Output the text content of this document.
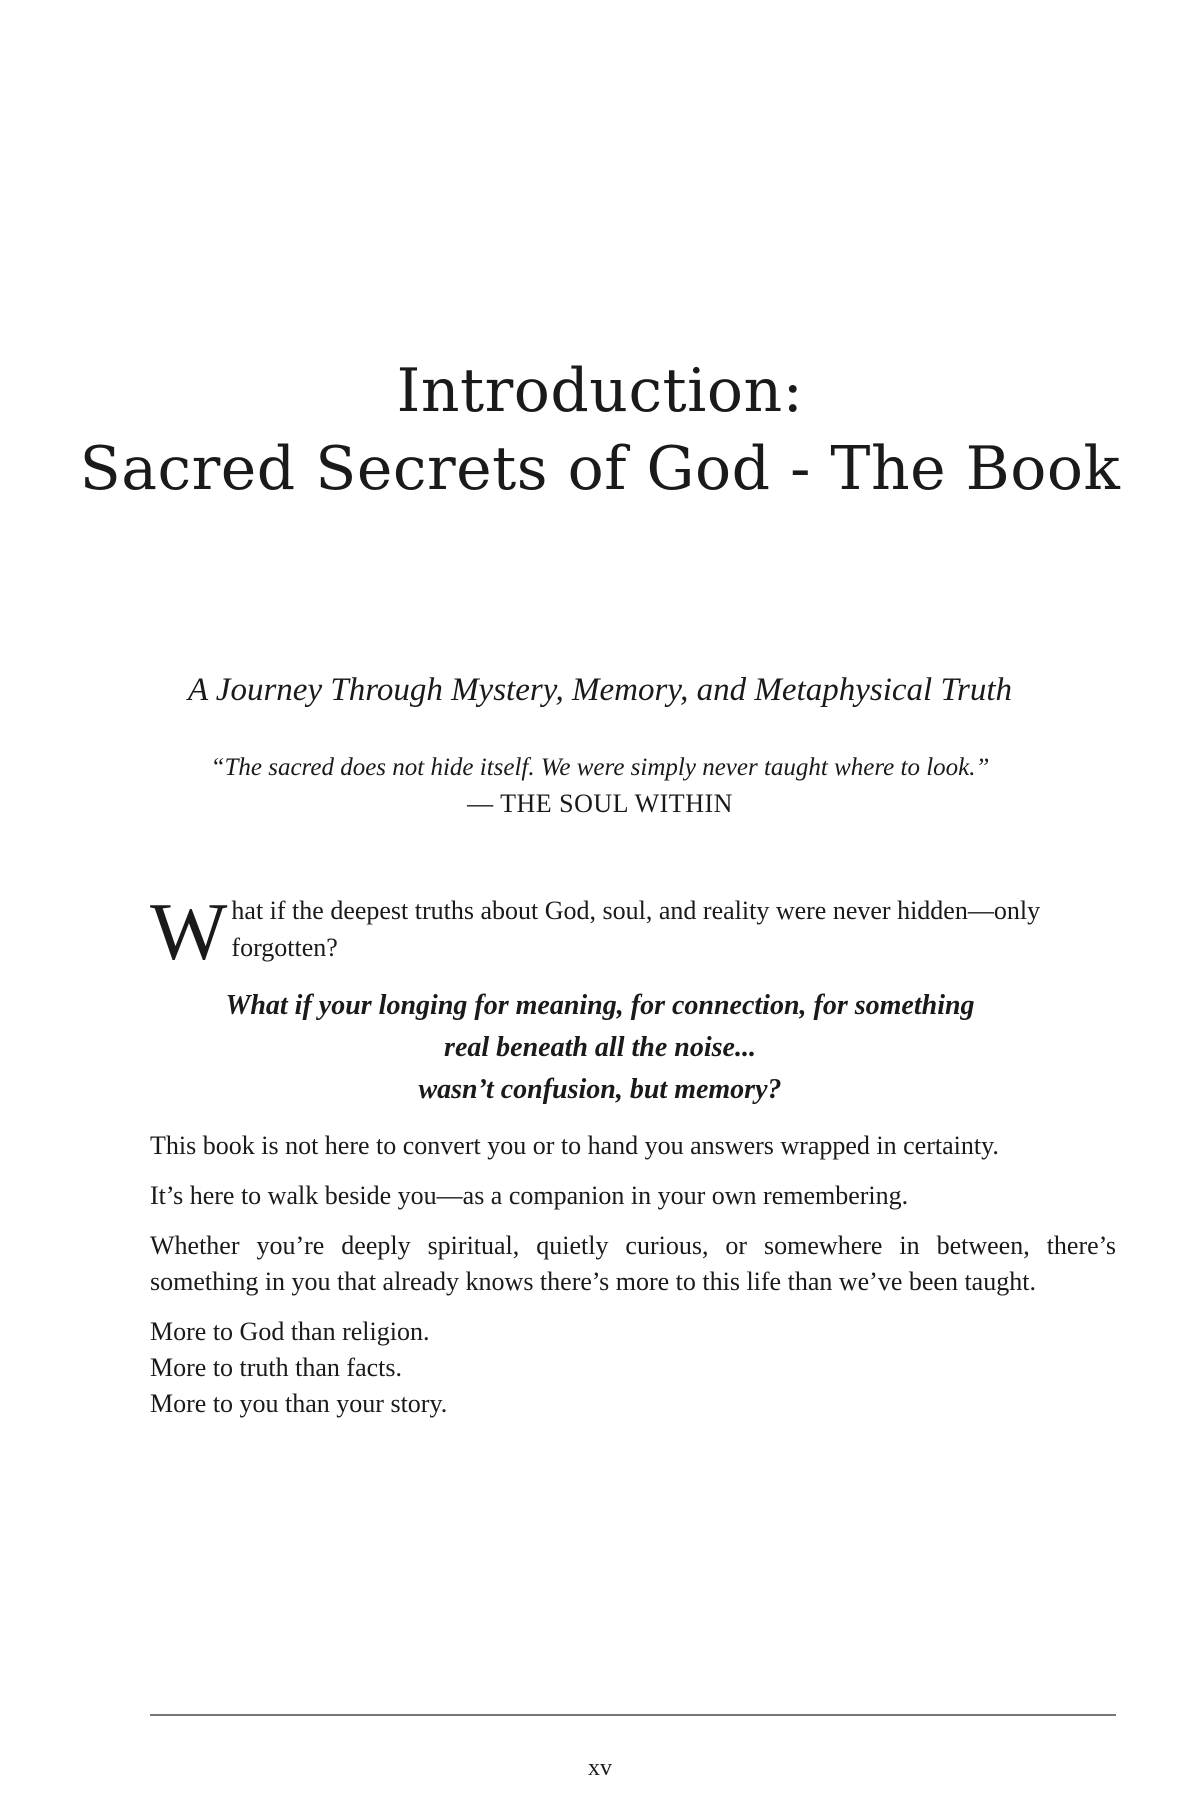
Introduction:
Sacred Secrets of God - The Book
A Journey Through Mystery, Memory, and Metaphysical Truth
“The sacred does not hide itself. We were simply never taught where to look.”
— THE SOUL WITHIN
W hat if the deepest truths about God, soul, and reality were never hidden—only forgotten?
What if your longing for meaning, for connection, for something
real beneath all the noise...
wasn’t confusion, but memory?

This book is not here to convert you or to hand you answers wrapped in certainty.

It’s here to walk beside you—as a companion in your own remembering.

Whether you’re deeply spiritual, quietly curious, or somewhere in between, there’s something in you that already knows there’s more to this life than we’ve been taught.

More to God than religion.
More to truth than facts.
More to you than your story.

xv
